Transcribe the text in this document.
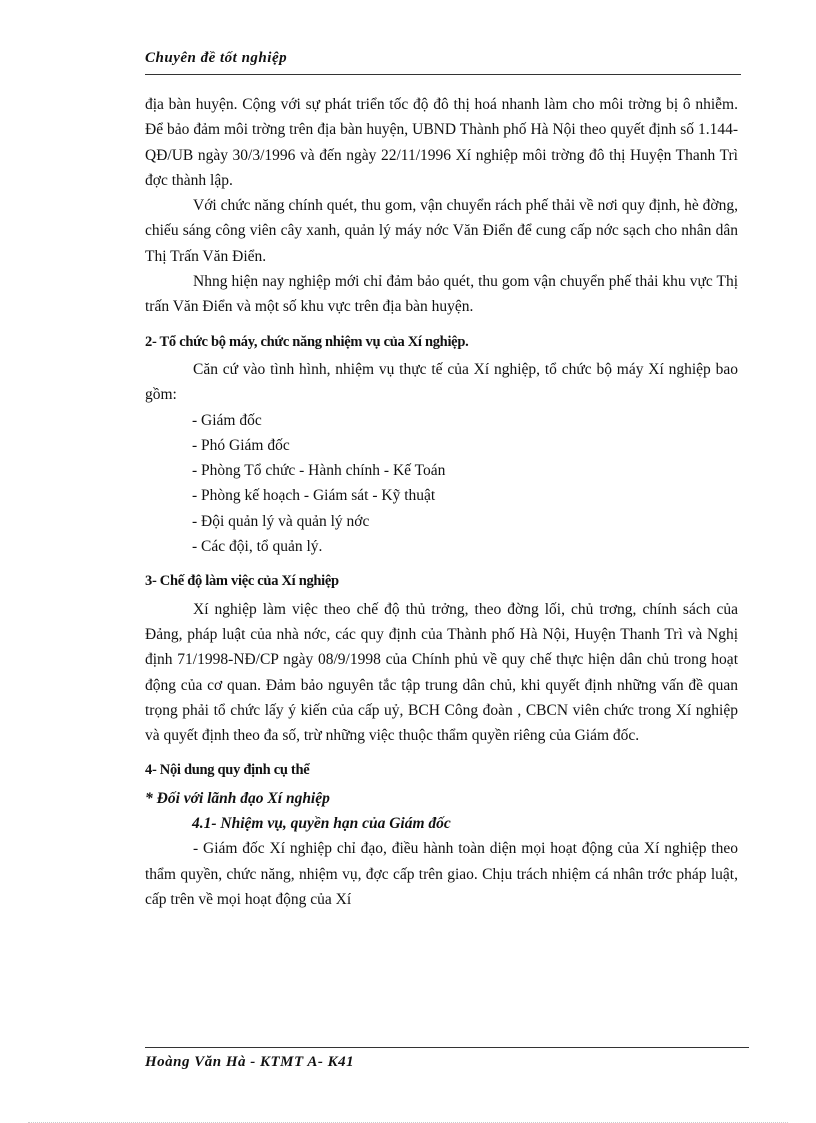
Chuyên đề tốt nghiệp

địa bàn huyện. Cộng với sự phát triển tốc độ đô thị hoá nhanh làm cho môi trờng bị ô nhiễm. Để bảo đảm môi trờng trên địa bàn huyện, UBND Thành phố Hà Nội theo quyết định số 1.144-QĐ/UB ngày 30/3/1996 và đến ngày 22/11/1996 Xí nghiệp môi trờng đô thị Huyện Thanh Trì đợc thành lập.

Với chức năng chính quét, thu gom, vận chuyển rách phế thải về nơi quy định, hè đờng, chiếu sáng công viên cây xanh, quản lý máy nớc Văn Điển để cung cấp nớc sạch cho nhân dân Thị Trấn Văn Điển.

Nhng hiện nay nghiệp mới chỉ đảm bảo quét, thu gom vận chuyển phế thải khu vực Thị trấn Văn Điển và một số khu vực trên địa bàn huyện.

2- Tổ chức bộ máy, chức năng nhiệm vụ của Xí nghiệp.

Căn cứ vào tình hình, nhiệm vụ thực tế của Xí nghiệp, tổ chức bộ máy Xí nghiệp bao gồm:

- Giám đốc

- Phó Giám đốc

- Phòng Tổ chức - Hành chính - Kế Toán

- Phòng kế hoạch - Giám sát - Kỹ thuật

- Đội quản lý và quản lý nớc

- Các đội, tổ quản lý.

3- Chế độ làm việc của Xí nghiệp

Xí nghiệp làm việc theo chế độ thủ trởng, theo đờng lối, chủ trơng, chính sách của Đảng, pháp luật của nhà nớc, các quy định của Thành phố Hà Nội, Huyện Thanh Trì và Nghị định 71/1998-NĐ/CP ngày 08/9/1998 của Chính phủ về quy chế thực hiện dân chủ trong hoạt động của cơ quan. Đảm bảo nguyên tắc tập trung dân chủ, khi quyết định những vấn đề quan trọng phải tổ chức lấy ý kiến của cấp uỷ, BCH Công đoàn , CBCN viên chức trong Xí nghiệp và quyết định theo đa số, trừ những việc thuộc thẩm quyền riêng của Giám đốc.

4- Nội dung quy định cụ thể

* Đối với lãnh đạo Xí nghiệp

4.1- Nhiệm vụ, quyền hạn của Giám đốc

- Giám đốc Xí nghiệp chỉ đạo, điều hành toàn diện mọi hoạt động của Xí nghiệp theo thẩm quyền, chức năng, nhiệm vụ, đợc cấp trên giao. Chịu trách nhiệm cá nhân trớc pháp luật, cấp trên về mọi hoạt động của Xí

Hoàng Văn Hà - KTMT A- K41
